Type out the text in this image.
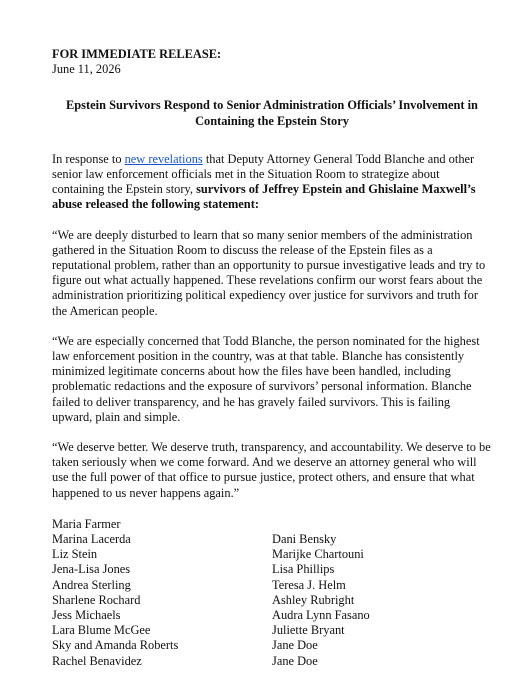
FOR IMMEDIATE RELEASE:
June 11, 2026
Epstein Survivors Respond to Senior Administration Officials’ Involvement in Containing the Epstein Story

In response to new revelations that Deputy Attorney General Todd Blanche and other senior law enforcement officials met in the Situation Room to strategize about containing the Epstein story, survivors of Jeffrey Epstein and Ghislaine Maxwell’s abuse released the following statement:

“We are deeply disturbed to learn that so many senior members of the administration gathered in the Situation Room to discuss the release of the Epstein files as a reputational problem, rather than an opportunity to pursue investigative leads and try to figure out what actually happened. These revelations confirm our worst fears about the administration prioritizing political expediency over justice for survivors and truth for the American people.

“We are especially concerned that Todd Blanche, the person nominated for the highest law enforcement position in the country, was at that table. Blanche has consistently minimized legitimate concerns about how the files have been handled, including problematic redactions and the exposure of survivors’ personal information. Blanche failed to deliver transparency, and he has gravely failed survivors. This is failing upward, plain and simple.

“We deserve better. We deserve truth, transparency, and accountability. We deserve to be taken seriously when we come forward. And we deserve an attorney general who will use the full power of that office to pursue justice, protect others, and ensure that what happened to us never happens again.”

Maria Farmer
Marina Lacerda
Liz Stein
Jena-Lisa Jones
Andrea Sterling
Sharlene Rochard
Jess Michaels
Lara Blume McGee
Sky and Amanda Roberts
Rachel Benavidez
Dani Bensky
Marijke Chartouni
Lisa Phillips
Teresa J. Helm
Ashley Rubright
Audra Lynn Fasano
Juliette Bryant
Jane Doe
Jane Doe
